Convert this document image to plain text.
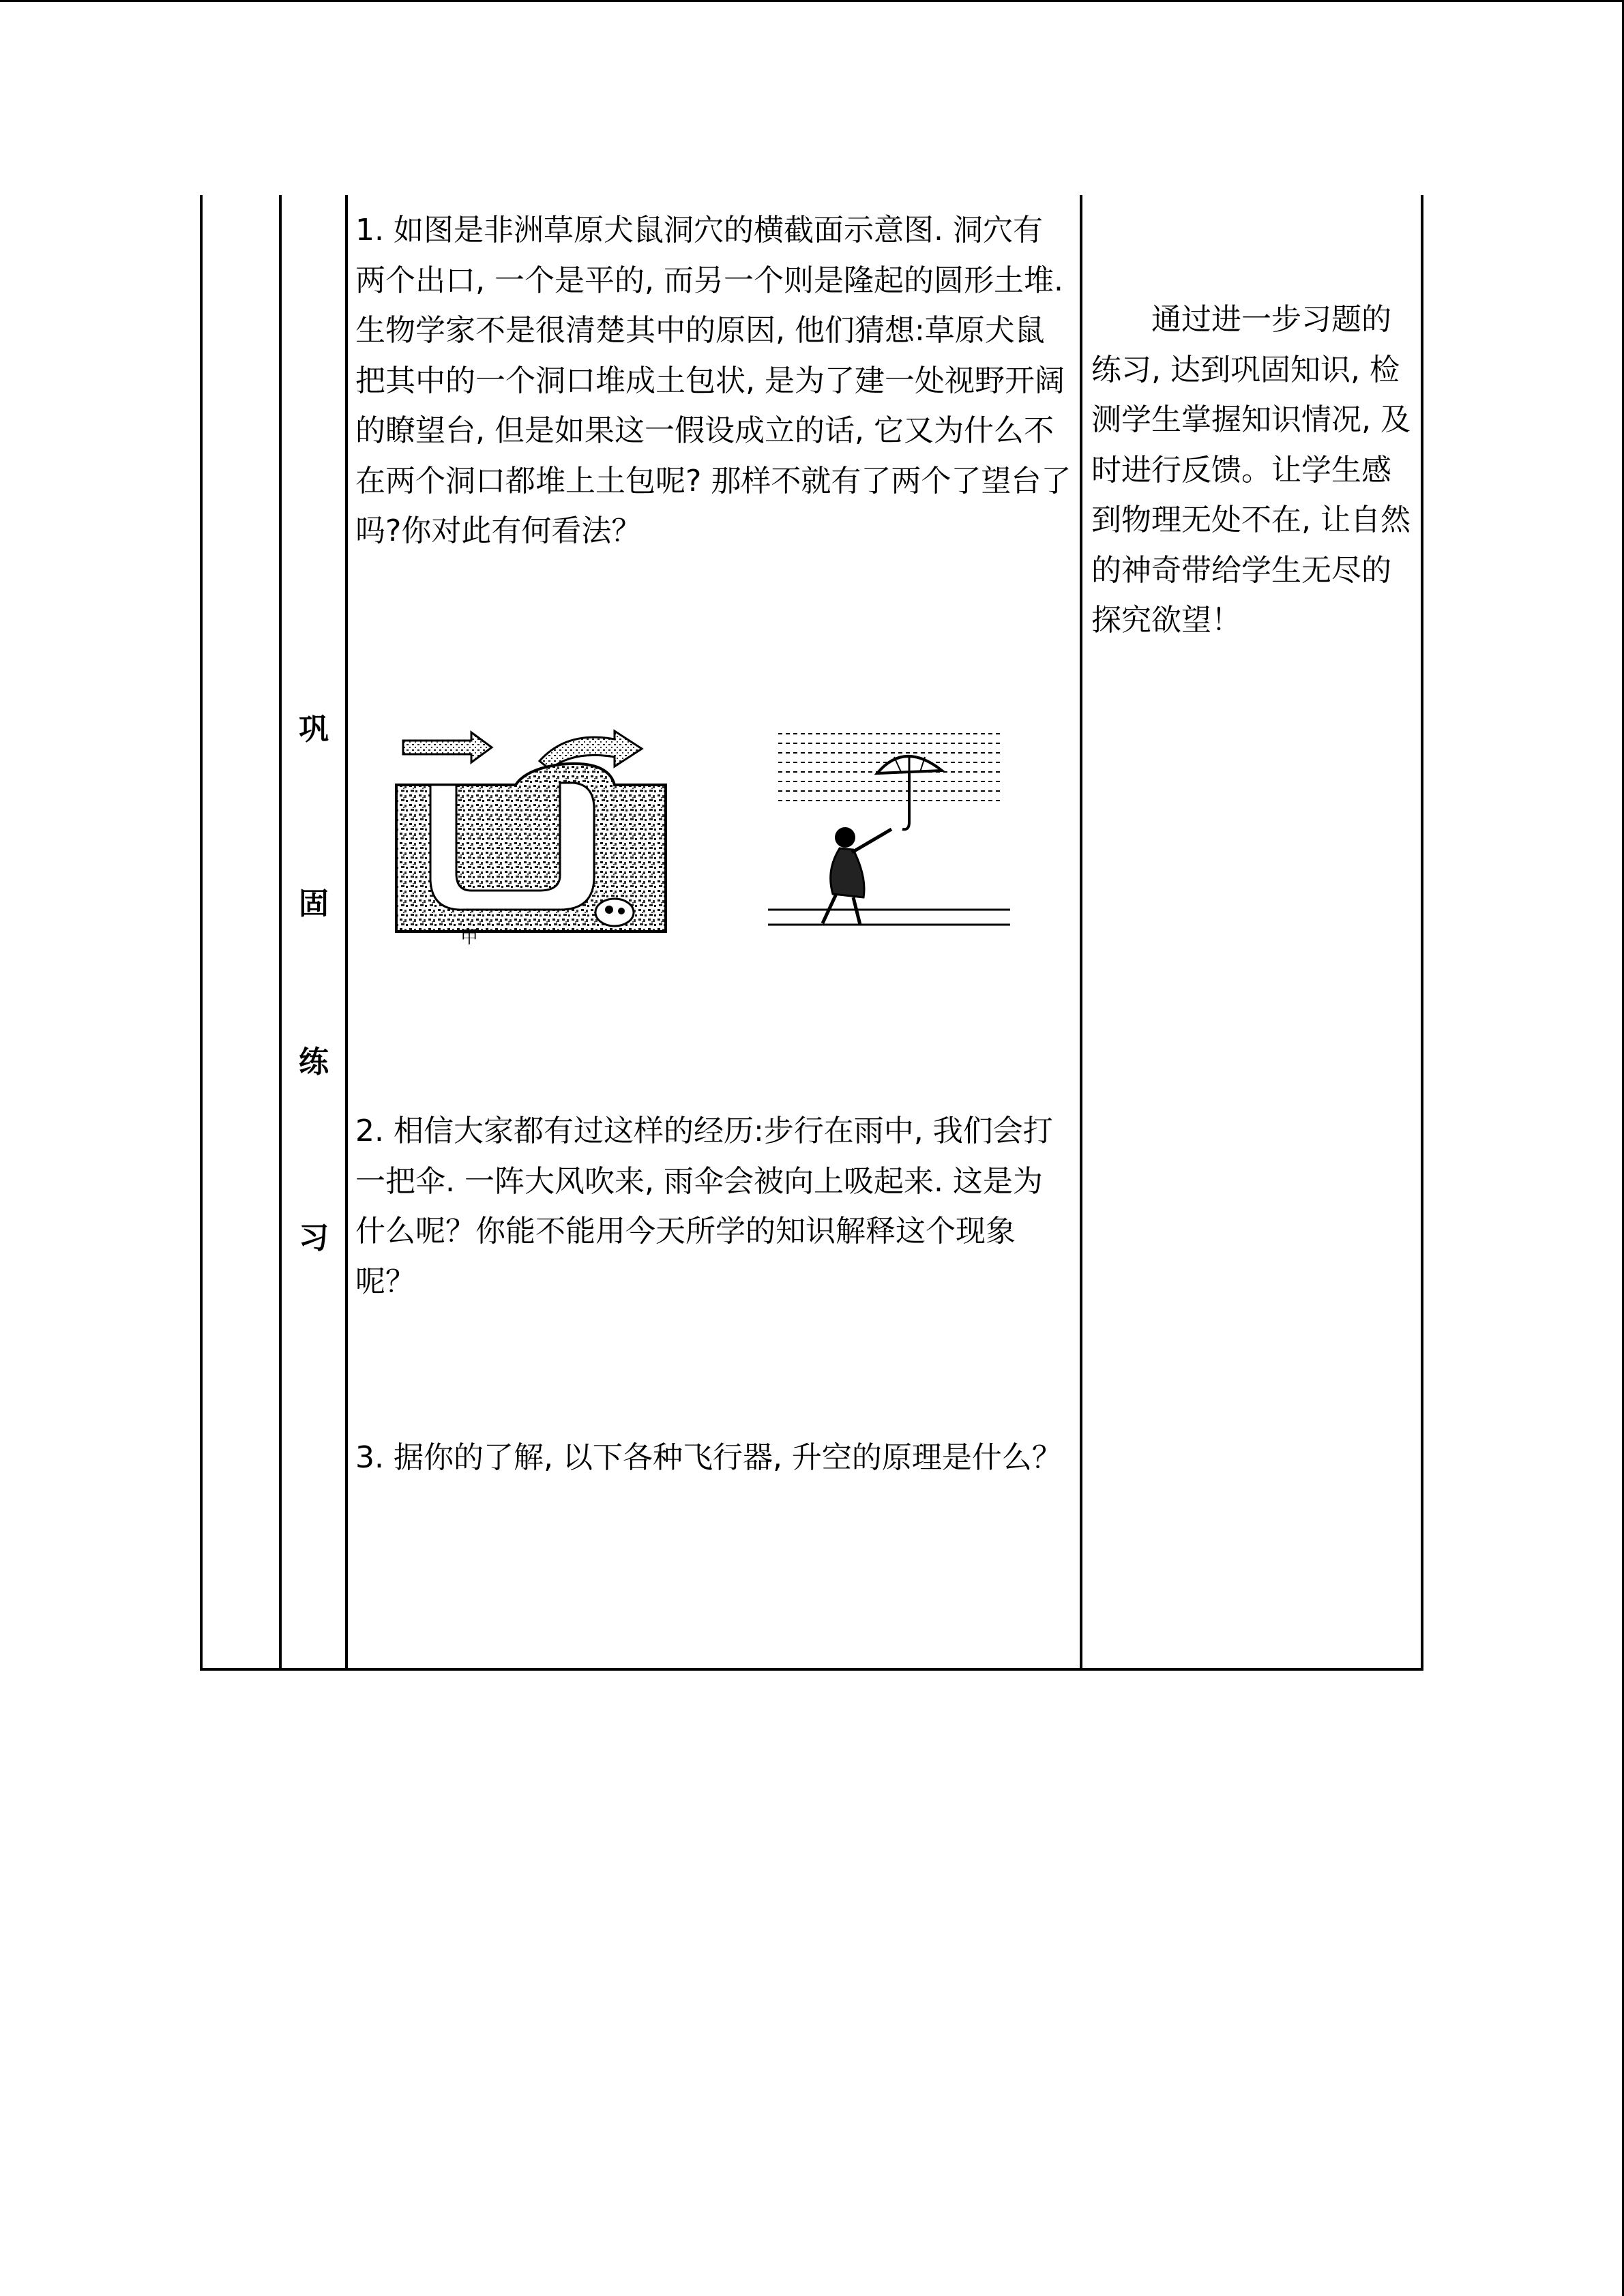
巩
固
练
习

1. 如图是非洲草原犬鼠洞穴的横截面示意图. 洞穴有两个出口, 一个是平的, 而另一个则是隆起的圆形土堆. 生物学家不是很清楚其中的原因, 他们猜想:草原犬鼠把其中的一个洞口堆成土包状, 是为了建一处视野开阔的瞭望台, 但是如果这一假设成立的话, 它又为什么不在两个洞口都堆上土包呢? 那样不就有了两个了望台了吗?你对此有何看法？

甲

2. 相信大家都有过这样的经历:步行在雨中, 我们会打一把伞. 一阵大风吹来, 雨伞会被向上吸起来. 这是为什么呢？你能不能用今天所学的知识解释这个现象呢？

3. 据你的了解, 以下各种飞行器, 升空的原理是什么？

通过进一步习题的练习, 达到巩固知识, 检测学生掌握知识情况, 及时进行反馈。让学生感到物理无处不在, 让自然的神奇带给学生无尽的探究欲望！
